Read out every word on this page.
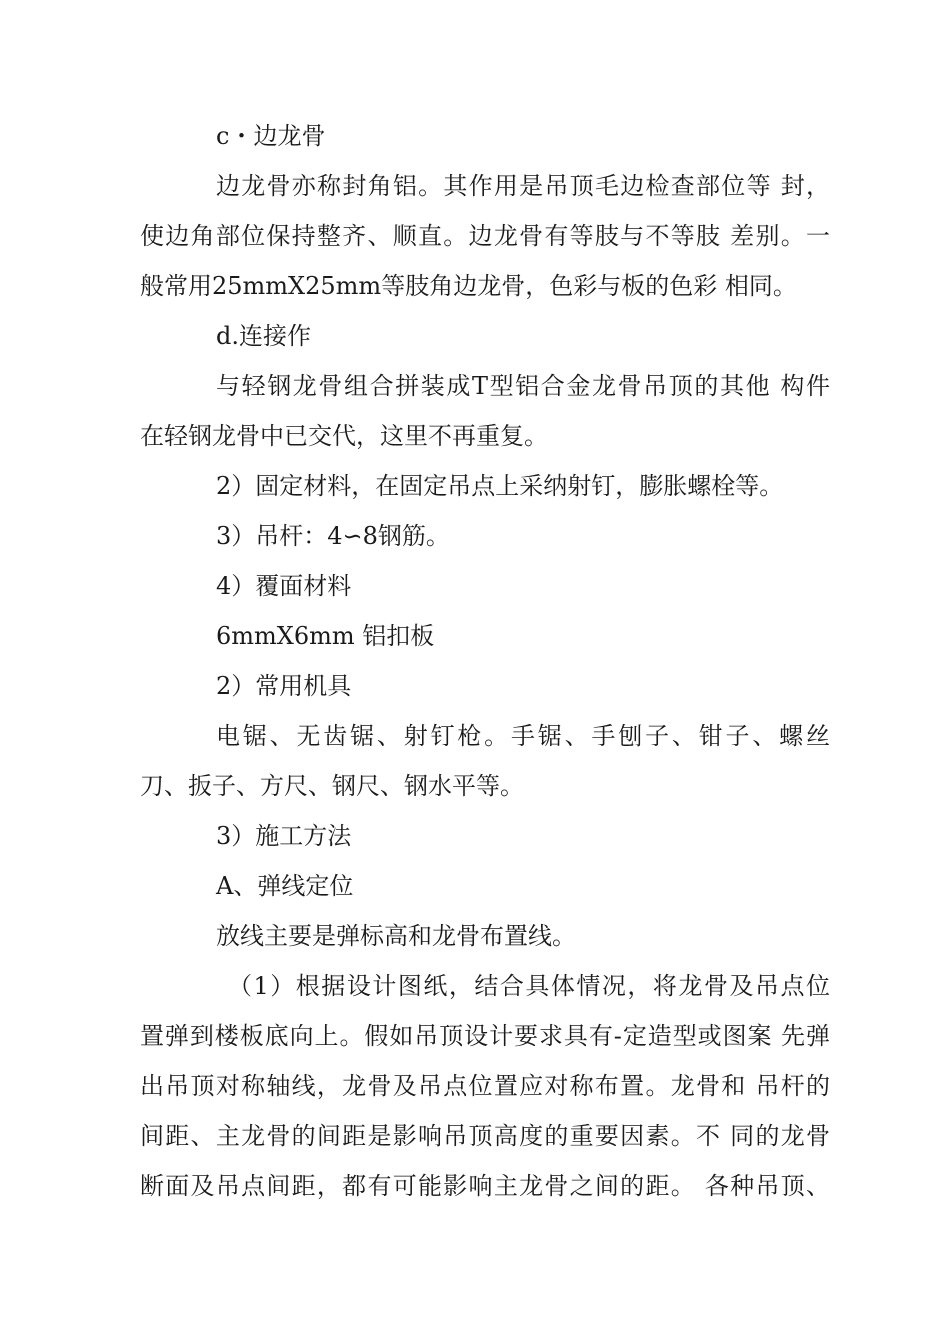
c・边龙骨
边龙骨亦称封角铝。其作用是吊顶毛边检查部位等 封，
使边角部位保持整齐、顺直。边龙骨有等肢与不等肢 差别。一
般常用25mmX25mm等肢角边龙骨，色彩与板的色彩 相同。
d.连接作
与轻钢龙骨组合拼装成T型铝合金龙骨吊顶的其他 构件
在轻钢龙骨中已交代，这里不再重复。
2）固定材料，在固定吊点上采纳射钉，膨胀螺栓等。
3）吊杆：4∽8钢筋。
4）覆面材料
6mmX6mm 铝扣板
2）常用机具
电锯、无齿锯、射钉枪。手锯、手刨子、钳子、螺丝
刀、扳子、方尺、钢尺、钢水平等。
3）施工方法
A、弹线定位
放线主要是弹标高和龙骨布置线。
（1）根据设计图纸，结合具体情况，将龙骨及吊点位
置弹到楼板底向上。假如吊顶设计要求具有-定造型或图案 先弹
出吊顶对称轴线，龙骨及吊点位置应对称布置。龙骨和 吊杆的
间距、主龙骨的间距是影响吊顶高度的重要因素。不 同的龙骨
断面及吊点间距，都有可能影响主龙骨之间的距。 各种吊顶、
